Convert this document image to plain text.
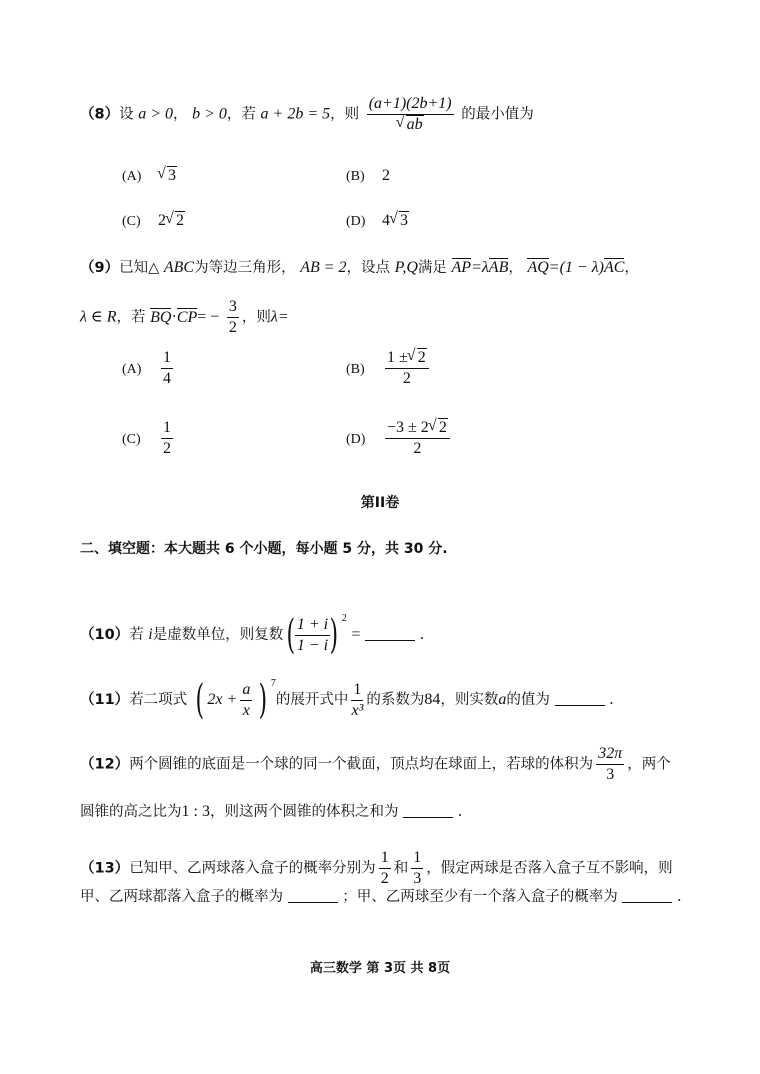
（8）设 a > 0， b > 0，若 a + 2b = 5，则 (a+1)(2b+1)
√ ab 的最小值为
(A) √ 3	(B) 2
(C) 2 √ 2	(D) 4 √ 3
（9）已知△ ABC为等边三角形， AB = 2，设点 P,Q满足 AP=λAB， AQ=(1 − λ)AC，
λ ∈ R，若 $BQ\cdot CP= - \frac{3}{2}$ ，则λ=
$(A) \frac{1}{4}$	$(B) \frac{1 \pm √ 2}{2}$
$(C) \frac{1}{2}$	$(D) \frac{-3 \pm 2 √ 2}{2}$
第II卷
二、填空题：本大题共 6 个小题，每小题 5 分，共 30 分.
（10）若 i是虚数单位，则复数( $\frac{1 + i}{1 - i}$ ) $^2$ =	.
（11）若二项式 ( $2x + \frac{a}{x}$ ) $^7$的展开式中 $\frac{1}{\text{x³}}$ 的系数为84，则实数a的值为	.
（12）两个圆锥的底面是一个球的同一个截面，顶点均在球面上，若球的体积为 $\frac{32\pi}{3}$ ，两个
圆锥的高之比为1 : 3，则这两个圆锥的体积之和为	.
（13）已知甲、乙两球落入盒子的概率分别为 $\frac{1}{2}$ 和 $\frac{1}{3}$ ，假定两球是否落入盒子互不影响，则
甲、乙两球都落入盒子的概率为	；甲、乙两球至少有一个落入盒子的概率为	.
高三数学 第 3页 共 8页
